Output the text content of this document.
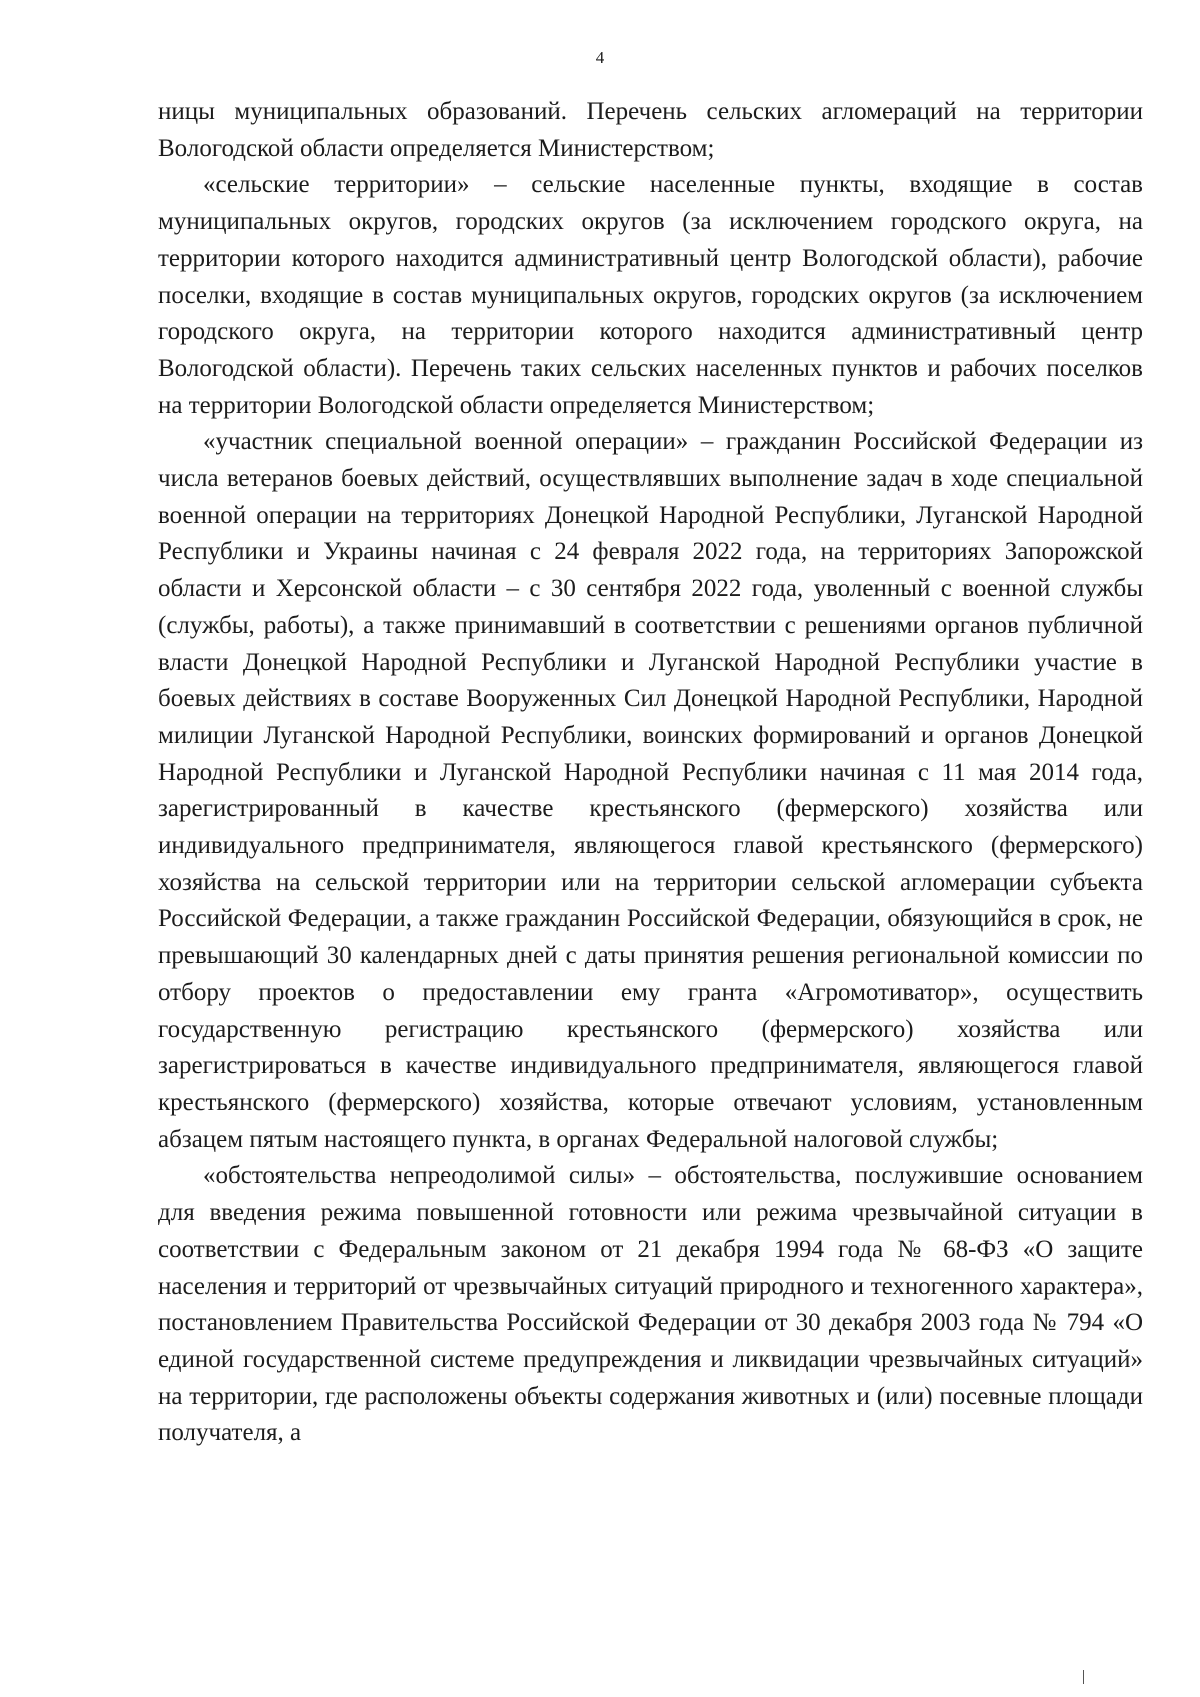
4

ницы муниципальных образований. Перечень сельских агломераций на территории Вологодской области определяется Министерством;

«сельские территории» – сельские населенные пункты, входящие в состав муниципальных округов, городских округов (за исключением городского округа, на территории которого находится административный центр Вологодской области), рабочие поселки, входящие в состав муниципальных округов, городских округов (за исключением городского округа, на территории которого находится административный центр Вологодской области). Перечень таких сельских населенных пунктов и рабочих поселков на территории Вологодской области определяется Министерством;

«участник специальной военной операции» – гражданин Российской Федерации из числа ветеранов боевых действий, осуществлявших выполнение задач в ходе специальной военной операции на территориях Донецкой Народной Республики, Луганской Народной Республики и Украины начиная с 24 февраля 2022 года, на территориях Запорожской области и Херсонской области – с 30 сентября 2022 года, уволенный с военной службы (службы, работы), а также принимавший в соответствии с решениями органов публичной власти Донецкой Народной Республики и Луганской Народной Республики участие в боевых действиях в составе Вооруженных Сил Донецкой Народной Республики, Народной милиции Луганской Народной Республики, воинских формирований и органов Донецкой Народной Республики и Луганской Народной Республики начиная с 11 мая 2014 года, зарегистрированный в качестве крестьянского (фермерского) хозяйства или индивидуального предпринимателя, являющегося главой крестьянского (фермерского) хозяйства на сельской территории или на территории сельской агломерации субъекта Российской Федерации, а также гражданин Российской Федерации, обязующийся в срок, не превышающий 30 календарных дней с даты принятия решения региональной комиссии по отбору проектов о предоставлении ему гранта «Агромотиватор», осуществить государственную регистрацию крестьянского (фермерского) хозяйства или зарегистрироваться в качестве индивидуального предпринимателя, являющегося главой крестьянского (фермерского) хозяйства, которые отвечают условиям, установленным абзацем пятым настоящего пункта, в органах Федеральной налоговой службы;

«обстоятельства непреодолимой силы» – обстоятельства, послужившие основанием для введения режима повышенной готовности или режима чрезвычайной ситуации в соответствии с Федеральным законом от 21 декабря 1994 года № 68-ФЗ «О защите населения и территорий от чрезвычайных ситуаций природного и техногенного характера», постановлением Правительства Российской Федерации от 30 декабря 2003 года № 794 «О единой государственной системе предупреждения и ликвидации чрезвычайных ситуаций» на территории, где расположены объекты содержания животных и (или) посевные площади получателя, а
